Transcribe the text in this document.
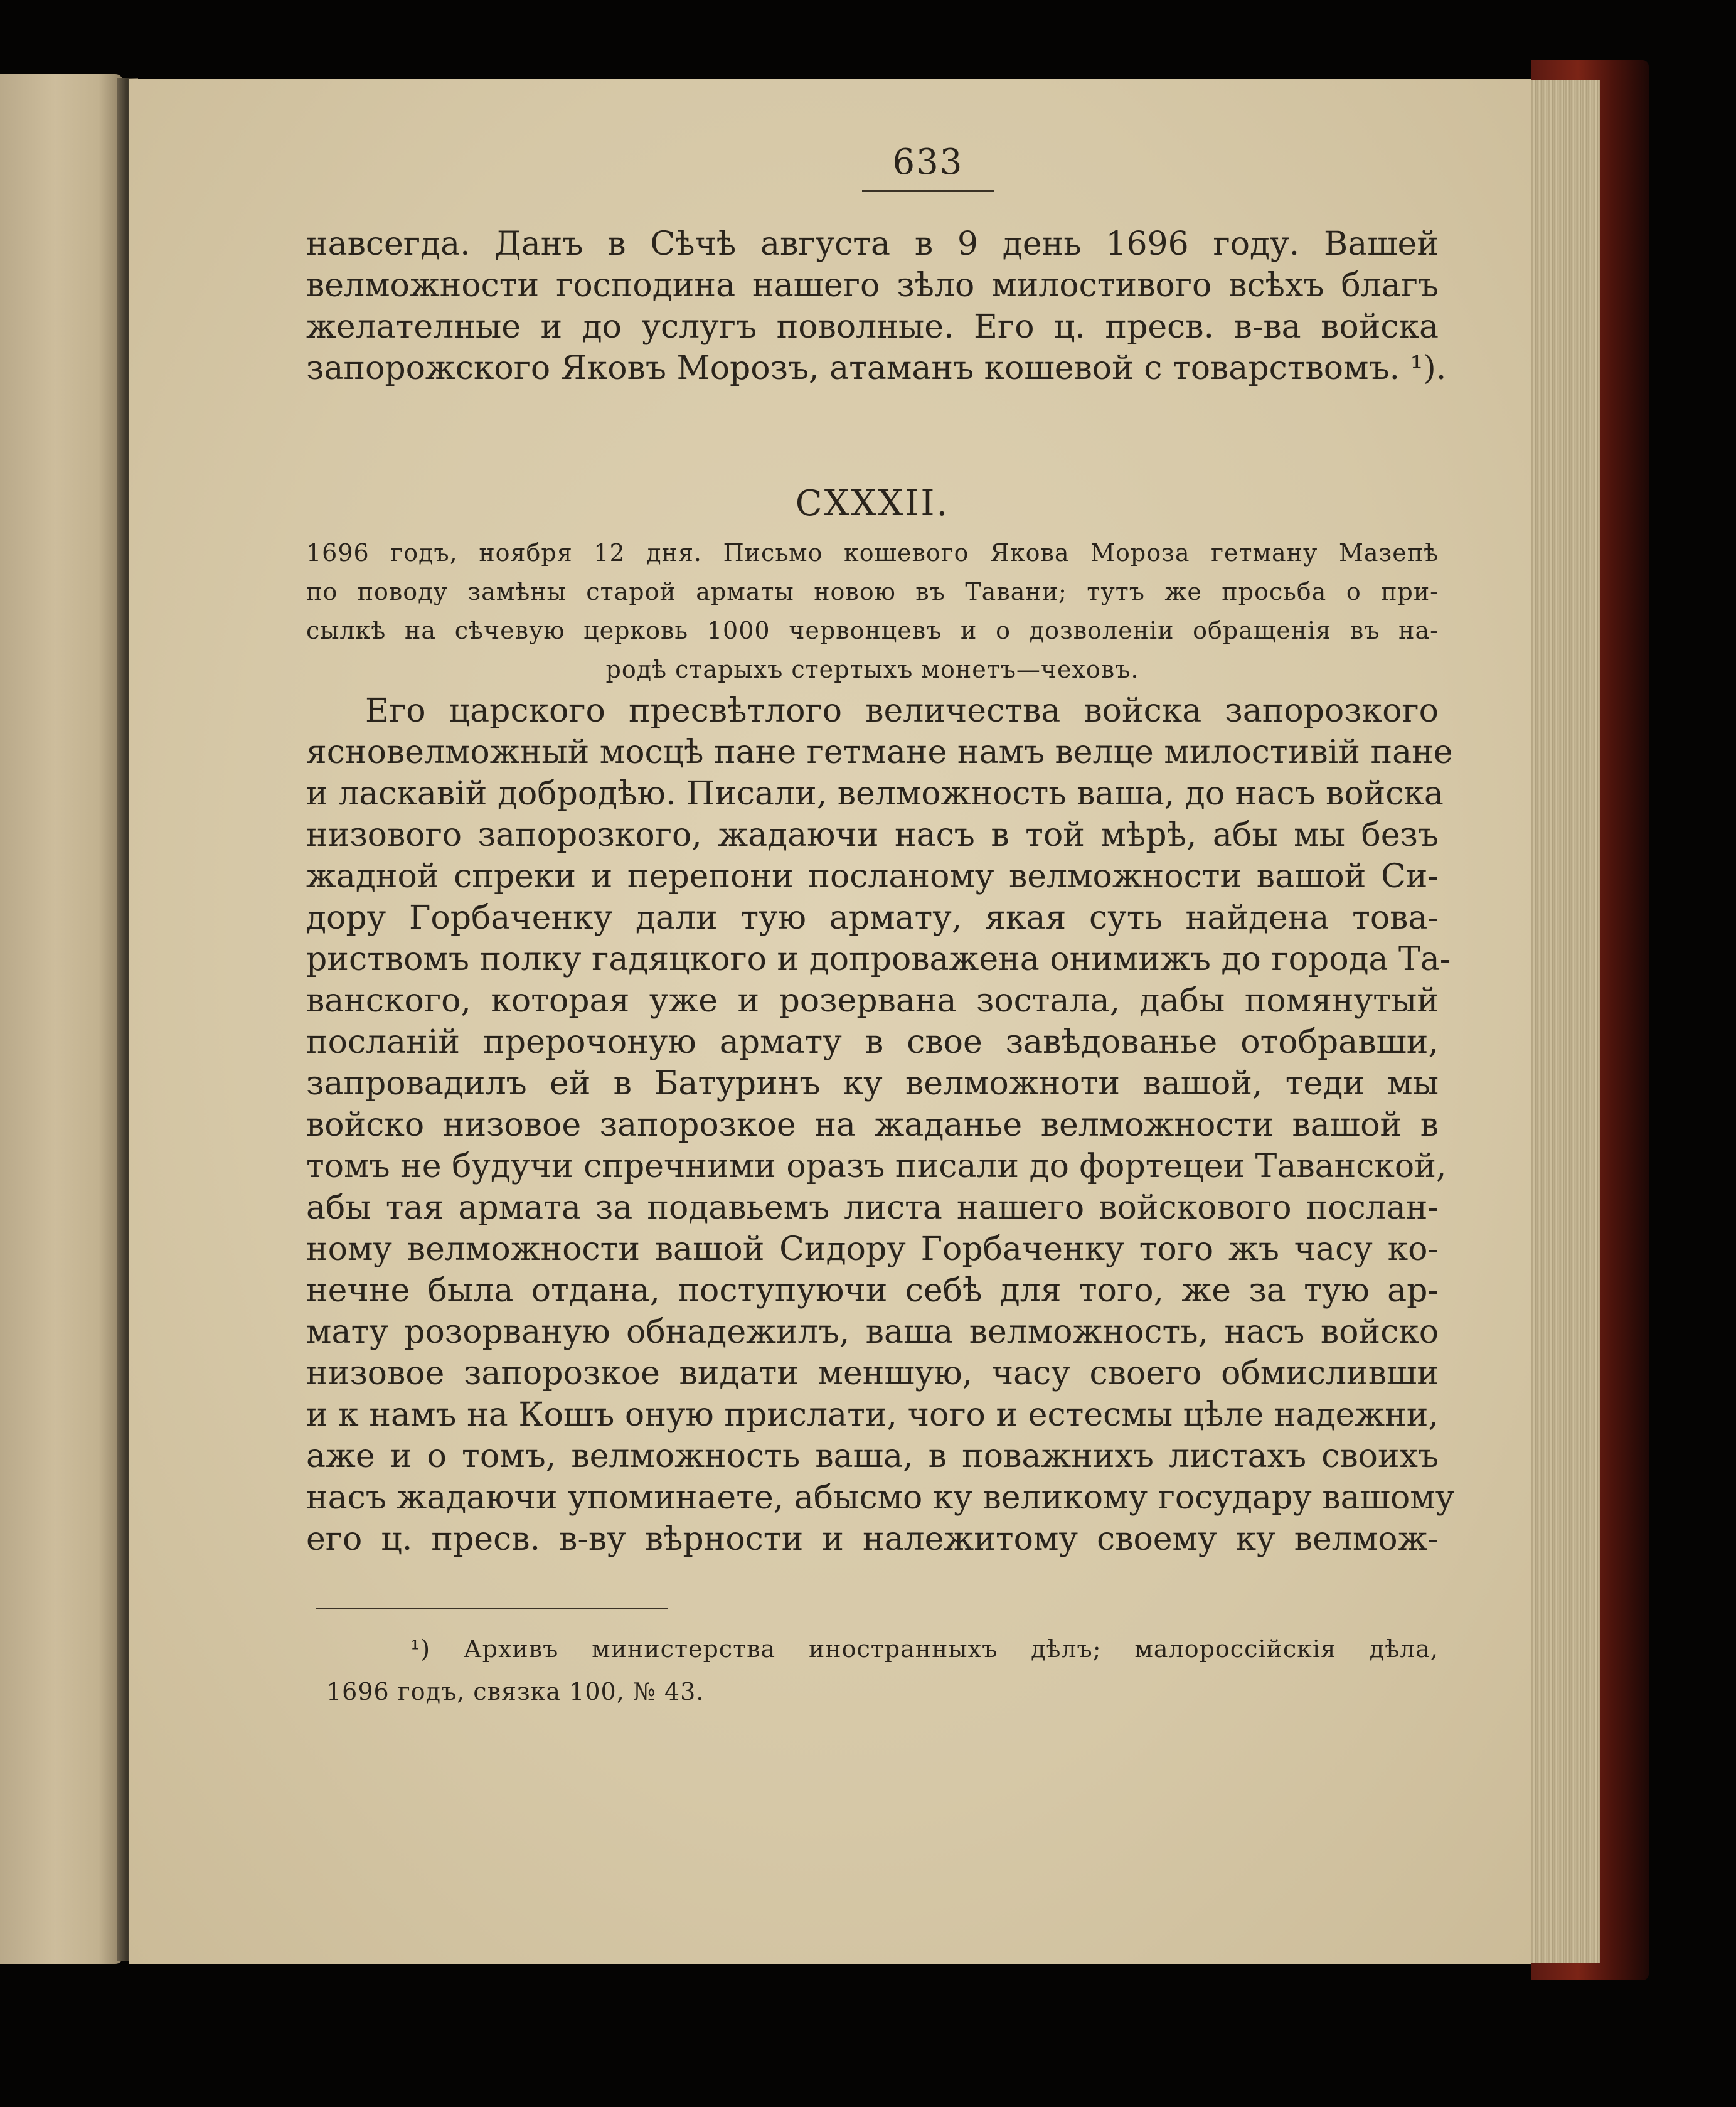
633
навсегда. Данъ в Сѣчѣ августа в 9 день 1696 году. Вашей
велможности господина нашего зѣло милостивого всѣхъ благъ
желателные и до услугъ поволные. Его ц. пресв. в-ва войска
запорожского Яковъ Морозъ, атаманъ кошевой с товарствомъ. ¹).
CXXXII.
1696 годъ, ноября 12 дня. Письмо кошевого Якова Мороза гетману Мазепѣ
по поводу замѣны старой арматы новою въ Тавани; тутъ же просьба о при-
сылкѣ на сѣчевую церковь 1000 червонцевъ и о дозволенiи обращенiя въ на-
родѣ старыхъ стертыхъ монетъ—чеховъ.
Его царского пресвѣтлого величества войска запорозкого
ясновелможный мосцѣ пане гетмане намъ велце милостивій пане
и ласкавій добродѣю. Писали, велможность ваша, до насъ войска
низового запорозкого, жадаючи насъ в той мѣрѣ, абы мы безъ
жадной спреки и перепони посланому велможности вашой Си-
дору Горбаченку дали тую армату, якая суть найдена това-
риствомъ полку гадяцкого и допроважена онимижъ до города Та-
ванского, которая уже и розервана зостала, дабы помянутый
посланій прерочоную армату в свое завѣдованье отобравши,
запровадилъ ей в Батуринъ ку велможноти вашой, теди мы
войско низовое запорозкое на жаданье велможности вашой в
томъ не будучи спречними оразъ писали до фортецеи Таванской,
абы тая армата за подавьемъ листа нашего войскового послан-
ному велможности вашой Сидору Горбаченку того жъ часу ко-
нечне была отдана, поступуючи себѣ для того, же за тую ар-
мату розорваную обнадежилъ, ваша велможность, насъ войско
низовое запорозкое видати меншую, часу своего обмисливши
и к намъ на Кошъ оную прислати, чого и естесмы цѣле надежни,
аже и о томъ, велможность ваша, в поважнихъ листахъ своихъ
насъ жадаючи упоминаете, абысмо ку великому государу вашому
его ц. пресв. в-ву вѣрности и належитому своему ку велмож-
¹) Архивъ министерства иностранныхъ дѣлъ; малороссiйскiя дѣла,
1696 годъ, связка 100, № 43.
